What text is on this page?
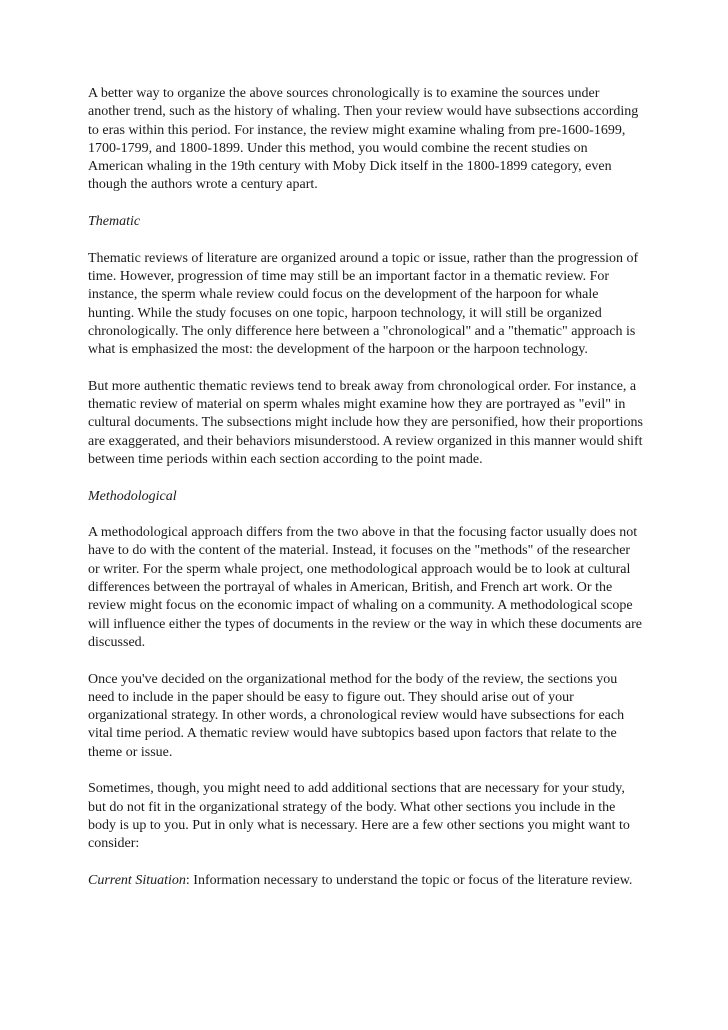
A better way to organize the above sources chronologically is to examine the sources under another trend, such as the history of whaling. Then your review would have subsections according to eras within this period. For instance, the review might examine whaling from pre-1600-1699, 1700-1799, and 1800-1899. Under this method, you would combine the recent studies on American whaling in the 19th century with Moby Dick itself in the 1800-1899 category, even though the authors wrote a century apart.

Thematic

Thematic reviews of literature are organized around a topic or issue, rather than the progression of time. However, progression of time may still be an important factor in a thematic review. For instance, the sperm whale review could focus on the development of the harpoon for whale hunting. While the study focuses on one topic, harpoon technology, it will still be organized chronologically. The only difference here between a "chronological" and a "thematic" approach is what is emphasized the most: the development of the harpoon or the harpoon technology.

But more authentic thematic reviews tend to break away from chronological order. For instance, a thematic review of material on sperm whales might examine how they are portrayed as "evil" in cultural documents. The subsections might include how they are personified, how their proportions are exaggerated, and their behaviors misunderstood. A review organized in this manner would shift between time periods within each section according to the point made.

Methodological

A methodological approach differs from the two above in that the focusing factor usually does not have to do with the content of the material. Instead, it focuses on the "methods" of the researcher or writer. For the sperm whale project, one methodological approach would be to look at cultural differences between the portrayal of whales in American, British, and French art work. Or the review might focus on the economic impact of whaling on a community. A methodological scope will influence either the types of documents in the review or the way in which these documents are discussed.

Once you've decided on the organizational method for the body of the review, the sections you need to include in the paper should be easy to figure out. They should arise out of your organizational strategy. In other words, a chronological review would have subsections for each vital time period. A thematic review would have subtopics based upon factors that relate to the theme or issue.

Sometimes, though, you might need to add additional sections that are necessary for your study, but do not fit in the organizational strategy of the body. What other sections you include in the body is up to you. Put in only what is necessary. Here are a few other sections you might want to consider:

Current Situation: Information necessary to understand the topic or focus of the literature review.
